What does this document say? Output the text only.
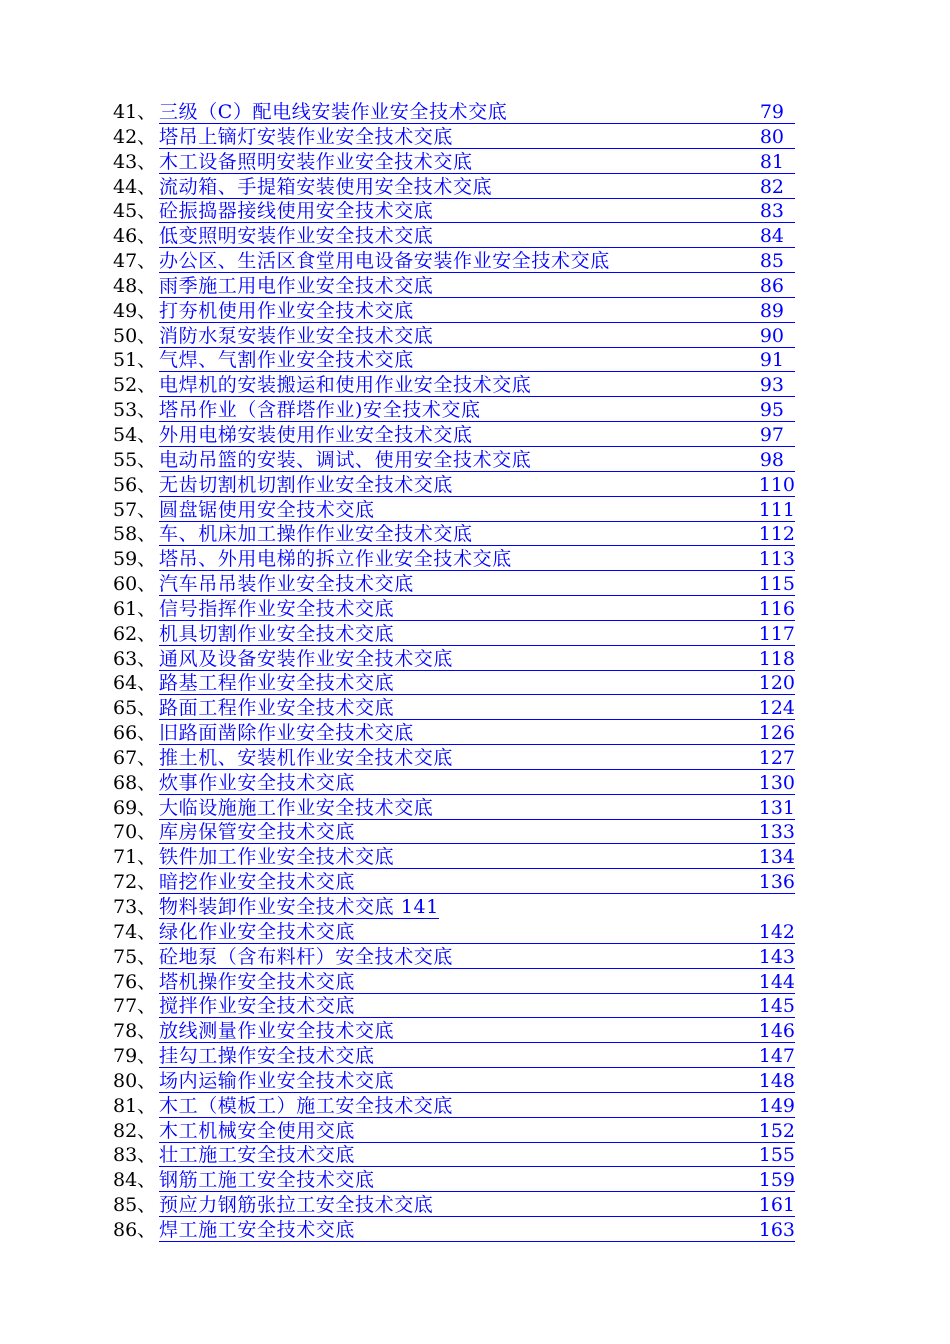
41、 三级（C）配电线安装作业安全技术交底	79
42、 塔吊上镝灯安装作业安全技术交底	80
43、 木工设备照明安装作业安全技术交底	81
44、 流动箱、手提箱安装使用安全技术交底	82
45、 砼振捣器接线使用安全技术交底	83
46、 低变照明安装作业安全技术交底	84
47、 办公区、生活区食堂用电设备安装作业安全技术交底	85
48、 雨季施工用电作业安全技术交底	86
49、 打夯机使用作业安全技术交底	89
50、 消防水泵安装作业安全技术交底	90
51、 气焊、气割作业安全技术交底	91
52、 电焊机的安装搬运和使用作业安全技术交底	93
53、 塔吊作业（含群塔作业)安全技术交底	95
54、 外用电梯安装使用作业安全技术交底	97
55、 电动吊篮的安装、调试、使用安全技术交底	98
56、 无齿切割机切割作业安全技术交底	110
57、 圆盘锯使用安全技术交底	111
58、 车、机床加工操作作业安全技术交底	112
59、 塔吊、外用电梯的拆立作业安全技术交底	113
60、 汽车吊吊装作业安全技术交底	115
61、 信号指挥作业安全技术交底	116
62、 机具切割作业安全技术交底	117
63、 通风及设备安装作业安全技术交底	118
64、 路基工程作业安全技术交底	120
65、 路面工程作业安全技术交底	124
66、 旧路面凿除作业安全技术交底	126
67、 推土机、安装机作业安全技术交底	127
68、 炊事作业安全技术交底	130
69、 大临设施施工作业安全技术交底	131
70、 库房保管安全技术交底	133
71、 铁件加工作业安全技术交底	134
72、 暗挖作业安全技术交底	136
73、 物料装卸作业安全技术交底 141
74、 绿化作业安全技术交底	142
75、 砼地泵（含布料杆）安全技术交底	143
76、 塔机操作安全技术交底	144
77、 搅拌作业安全技术交底	145
78、 放线测量作业安全技术交底	146
79、 挂勾工操作安全技术交底	147
80、 场内运输作业安全技术交底	148
81、 木工（模板工）施工安全技术交底	149
82、 木工机械安全使用交底	152
83、 壮工施工安全技术交底	155
84、 钢筋工施工安全技术交底	159
85、 预应力钢筋张拉工安全技术交底	161
86、 焊工施工安全技术交底	163
